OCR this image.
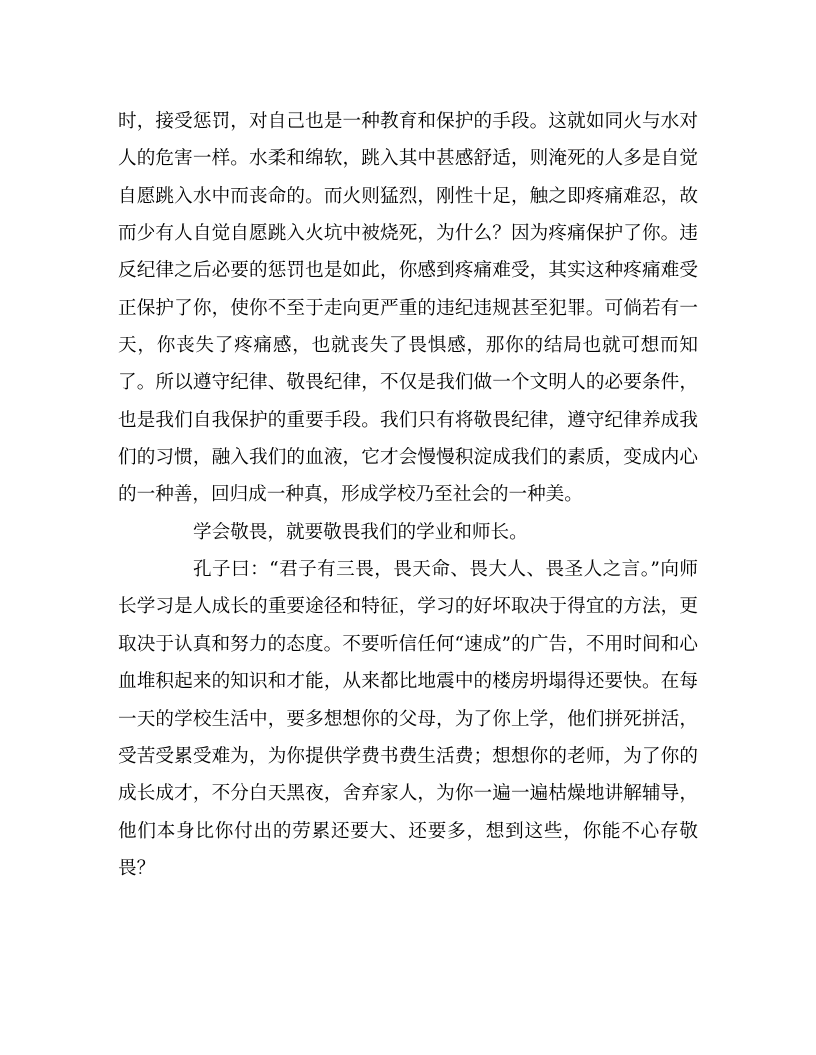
时，接受惩罚，对自己也是一种教育和保护的手段。这就如同火与水对人的危害一样。水柔和绵软，跳入其中甚感舒适，则淹死的人多是自觉自愿跳入水中而丧命的。而火则猛烈，刚性十足，触之即疼痛难忍，故而少有人自觉自愿跳入火坑中被烧死，为什么？因为疼痛保护了你。违反纪律之后必要的惩罚也是如此，你感到疼痛难受，其实这种疼痛难受正保护了你，使你不至于走向更严重的违纪违规甚至犯罪。可倘若有一天，你丧失了疼痛感，也就丧失了畏惧感，那你的结局也就可想而知了。所以遵守纪律、敬畏纪律，不仅是我们做一个文明人的必要条件，也是我们自我保护的重要手段。我们只有将敬畏纪律，遵守纪律养成我们的习惯，融入我们的血液，它才会慢慢积淀成我们的素质，变成内心的一种善，回归成一种真，形成学校乃至社会的一种美。

学会敬畏，就要敬畏我们的学业和师长。

孔子曰：“君子有三畏，畏天命、畏大人、畏圣人之言。”向师长学习是人成长的重要途径和特征，学习的好坏取决于得宜的方法，更取决于认真和努力的态度。不要听信任何“速成”的广告，不用时间和心血堆积起来的知识和才能，从来都比地震中的楼房坍塌得还要快。在每一天的学校生活中，要多想想你的父母，为了你上学，他们拼死拼活，受苦受累受难为，为你提供学费书费生活费；想想你的老师，为了你的成长成才，不分白天黑夜，舍弃家人，为你一遍一遍枯燥地讲解辅导，他们本身比你付出的劳累还要大、还要多，想到这些，你能不心存敬畏？
